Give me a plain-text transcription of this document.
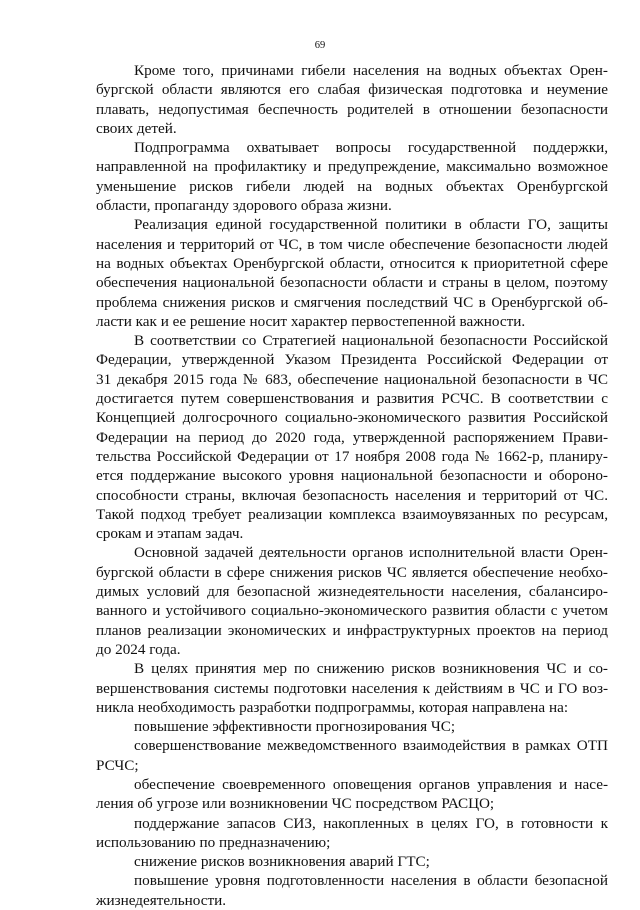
69
Кроме того, причинами гибели населения на водных объектах Орен-
бургской области являются его слабая физическая подготовка и неумение
плавать, недопустимая беспечность родителей в отношении безопасности
своих детей.
Подпрограмма охватывает вопросы государственной поддержки,
направленной на профилактику и предупреждение, максимально возможное
уменьшение рисков гибели людей на водных объектах Оренбургской
области, пропаганду здорового образа жизни.
Реализация единой государственной политики в области ГО, защиты
населения и территорий от ЧС, в том числе обеспечение безопасности людей
на водных объектах Оренбургской области, относится к приоритетной сфере
обеспечения национальной безопасности области и страны в целом, поэтому
проблема снижения рисков и смягчения последствий ЧС в Оренбургской об-
ласти как и ее решение носит характер первостепенной важности.
В соответствии со Стратегией национальной безопасности Российской
Федерации, утвержденной Указом Президента Российской Федерации от
31 декабря 2015 года № 683, обеспечение национальной безопасности в ЧС
достигается путем совершенствования и развития РСЧС. В соответствии с
Концепцией долгосрочного социально-экономического развития Российской
Федерации на период до 2020 года, утвержденной распоряжением Прави-
тельства Российской Федерации от 17 ноября 2008 года № 1662-р, планиру-
ется поддержание высокого уровня национальной безопасности и обороно-
способности страны, включая безопасность населения и территорий от ЧС.
Такой подход требует реализации комплекса взаимоувязанных по ресурсам,
срокам и этапам задач.
Основной задачей деятельности органов исполнительной власти Орен-
бургской области в сфере снижения рисков ЧС является обеспечение необхо-
димых условий для безопасной жизнедеятельности населения, сбалансиро-
ванного и устойчивого социально-экономического развития области с учетом
планов реализации экономических и инфраструктурных проектов на период
до 2024 года.
В целях принятия мер по снижению рисков возникновения ЧС и со-
вершенствования системы подготовки населения к действиям в ЧС и ГО воз-
никла необходимость разработки подпрограммы, которая направлена на:
повышение эффективности прогнозирования ЧС;
совершенствование межведомственного взаимодействия в рамках ОТП
РСЧС;
обеспечение своевременного оповещения органов управления и насе-
ления об угрозе или возникновении ЧС посредством РАСЦО;
поддержание запасов СИЗ, накопленных в целях ГО, в готовности к
использованию по предназначению;
снижение рисков возникновения аварий ГТС;
повышение уровня подготовленности населения в области безопасной
жизнедеятельности.
